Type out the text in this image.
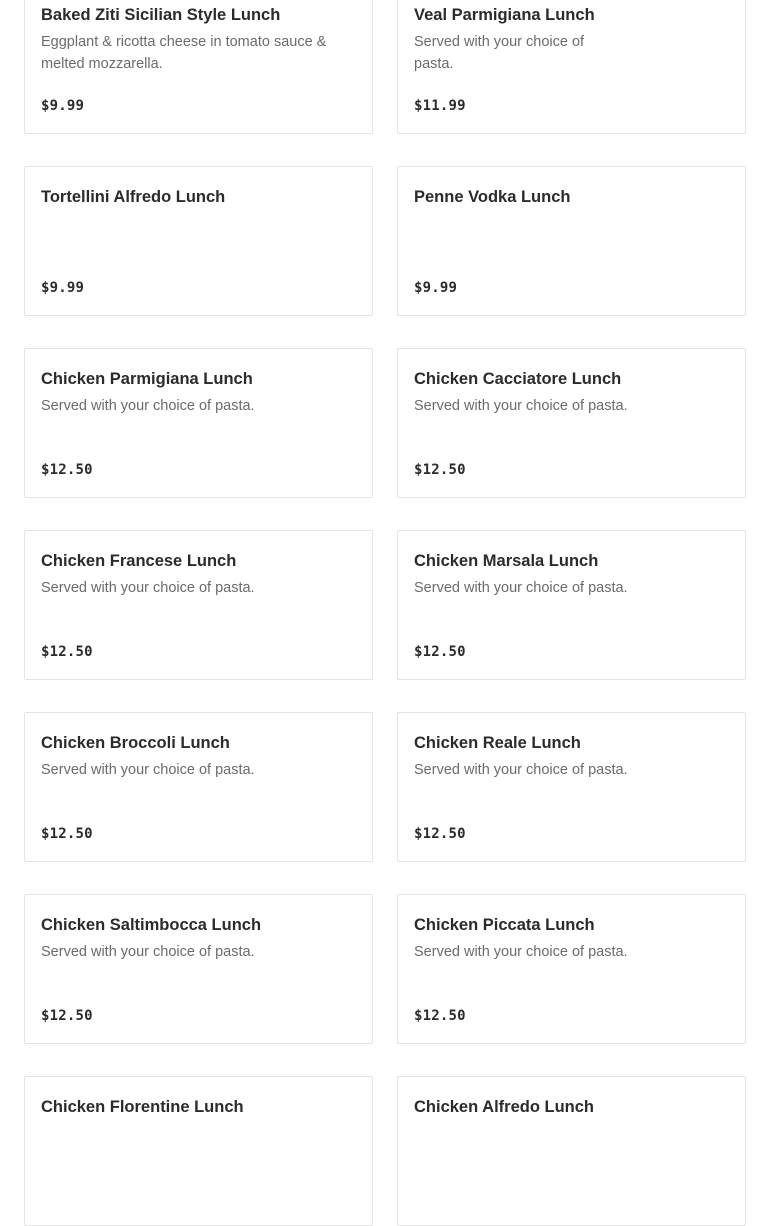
Baked Ziti Sicilian Style Lunch
Eggplant & ricotta cheese in tomato sauce & melted mozzarella.
$9.99
Veal Parmigiana Lunch
Served with your choice of pasta.
$11.99
Tortellini Alfredo Lunch
$9.99
Penne Vodka Lunch
$9.99
Chicken Parmigiana Lunch
Served with your choice of pasta.
$12.50
Chicken Cacciatore Lunch
Served with your choice of pasta.
$12.50
Chicken Francese Lunch
Served with your choice of pasta.
$12.50
Chicken Marsala Lunch
Served with your choice of pasta.
$12.50
Chicken Broccoli Lunch
Served with your choice of pasta.
$12.50
Chicken Reale Lunch
Served with your choice of pasta.
$12.50
Chicken Saltimbocca Lunch
Served with your choice of pasta.
$12.50
Chicken Piccata Lunch
Served with your choice of pasta.
$12.50
Chicken Florentine Lunch	Chicken Alfredo Lunch
